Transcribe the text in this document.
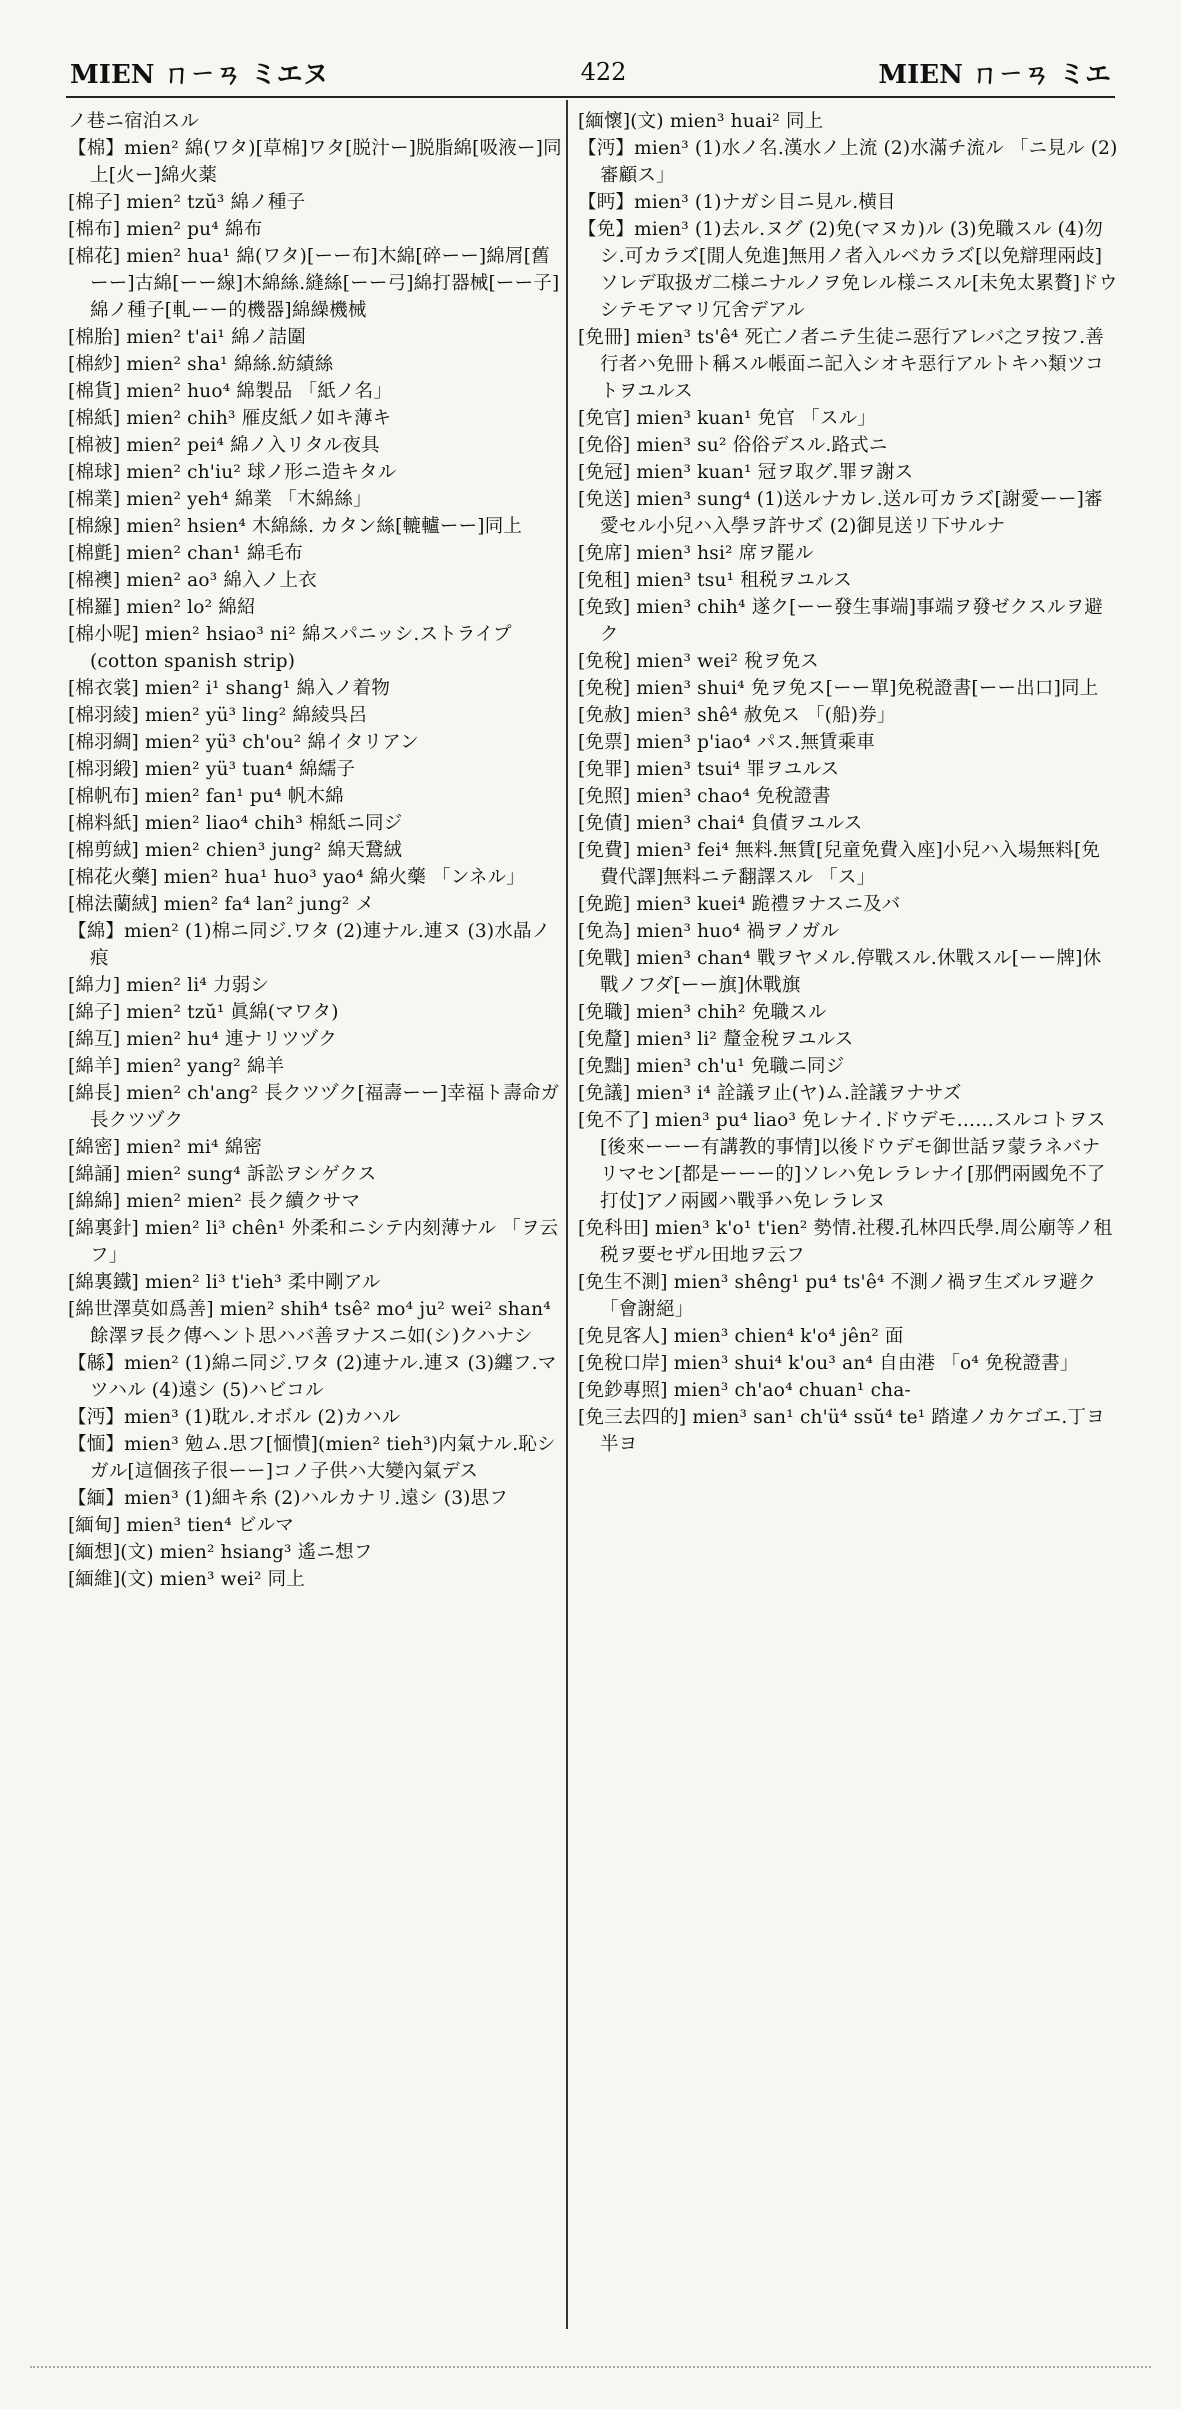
MIEN ㄇㄧㄢ ミエヌ	422	MIEN ㄇㄧㄢ ミエ

ノ巷ニ宿泊スル

【棉】mien² 綿(ワタ)[草棉]ワタ[脱汁ー]脱脂綿[吸液ー]同上[火ー]綿火薬

[棉子] mien² tzŭ³ 綿ノ種子

[棉布] mien² pu⁴ 綿布

[棉花] mien² hua¹ 綿(ワタ)[ーー布]木綿[碎ーー]綿屑[舊ーー]古綿[ーー線]木綿絲.縫絲[ーー弓]綿打器械[ーー子]綿ノ種子[軋ーー的機器]綿繰機械

[棉胎] mien² t'ai¹ 綿ノ詰圍

[棉紗] mien² sha¹ 綿絲.紡績絲

[棉貨] mien² huo⁴ 綿製品 「紙ノ名」

[棉紙] mien² chih³ 雁皮紙ノ如キ薄キ

[棉被] mien² pei⁴ 綿ノ入リタル夜具

[棉球] mien² ch'iu² 球ノ形ニ造キタル

[棉業] mien² yeh⁴ 綿業 「木綿絲」

[棉線] mien² hsien⁴ 木綿絲. カタン絲[轆轤ーー]同上

[棉氈] mien² chan¹ 綿毛布

[棉襖] mien² ao³ 綿入ノ上衣

[棉羅] mien² lo² 綿紹

[棉小呢] mien² hsiao³ ni² 綿スパニッシ.ストライプ(cotton spanish strip)

[棉衣裳] mien² i¹ shang¹ 綿入ノ着物

[棉羽綾] mien² yü³ ling² 綿綾呉呂

[棉羽綢] mien² yü³ ch'ou² 綿イタリアン

[棉羽緞] mien² yü³ tuan⁴ 綿繻子

[棉帆布] mien² fan¹ pu⁴ 帆木綿

[棉料紙] mien² liao⁴ chih³ 棉紙ニ同ジ

[棉剪絨] mien² chien³ jung² 綿天鵞絨

[棉花火藥] mien² hua¹ huo³ yao⁴ 綿火藥 「ンネル」

[棉法蘭絨] mien² fa⁴ lan² jung² メ

【綿】mien² (1)棉ニ同ジ.ワタ (2)連ナル.連ヌ (3)水晶ノ痕

[綿力] mien² li⁴ 力弱シ

[綿子] mien² tzŭ¹ 眞綿(マワタ)

[綿互] mien² hu⁴ 連ナリツヅク

[綿羊] mien² yang² 綿羊

[綿長] mien² ch'ang² 長クツヅク[福壽ーー]幸福ト壽命ガ長クツヅク

[綿密] mien² mi⁴ 綿密

[綿誦] mien² sung⁴ 訴訟ヲシゲクス

[綿綿] mien² mien² 長ク續クサマ

[綿裏針] mien² li³ chên¹ 外柔和ニシテ内刻薄ナル 「ヲ云フ」

[綿裏鐵] mien² li³ t'ieh³ 柔中剛アル

[綿世澤莫如爲善] mien² shih⁴ tsê² mo⁴ ju² wei² shan⁴ 餘澤ヲ長ク傳ヘント思ハバ善ヲナスニ如(シ)クハナシ

【緜】mien² (1)綿ニ同ジ.ワタ (2)連ナル.連ヌ (3)纏フ.マツハル (4)遠シ (5)ハビコル

【沔】mien³ (1)耽ル.オボル (2)カハル

【愐】mien³ 勉ム.思フ[愐憒](mien² tieh³)内氣ナル.恥シガル[這個孩子很ーー]コノ子供ハ大變內氣デス

【緬】mien³ (1)細キ糸 (2)ハルカナリ.遠シ (3)思フ

[緬甸] mien³ tien⁴ ビルマ

[緬想](文) mien² hsiang³ 遙ニ想フ

[緬維](文) mien³ wei² 同上

[緬懷](文) mien³ huai² 同上

【沔】mien³ (1)水ノ名.漢水ノ上流 (2)水滿チ流ル 「ニ見ル (2)審顧ス」

【眄】mien³ (1)ナガシ目ニ見ル.横目

【免】mien³ (1)去ル.ヌグ (2)免(マヌカ)ル (3)免職スル (4)勿シ.可カラズ[閒人免進]無用ノ者入ルベカラズ[以免辯理兩歧]ソレデ取扱ガ二様ニナルノヲ免レル様ニスル[未免太累贅]ドウシテモアマリ冗舍デアル

[免冊] mien³ ts'ê⁴ 死亡ノ者ニテ生徒ニ惡行アレバ之ヲ按フ.善行者ハ免冊ト稱スル帳面ニ記入シオキ惡行アルトキハ類ツコトヲユルス

[免官] mien³ kuan¹ 免官 「スル」

[免俗] mien³ su² 俗俗デスル.路式ニ

[免冠] mien³ kuan¹ 冠ヲ取グ.罪ヲ謝ス

[免送] mien³ sung⁴ (1)送ルナカレ.送ル可カラズ[謝愛ーー]審愛セル小兒ハ入學ヲ許サズ (2)御見送リ下サルナ

[免席] mien³ hsi² 席ヲ罷ル

[免租] mien³ tsu¹ 租税ヲユルス

[免致] mien³ chih⁴ 遂ク[ーー發生事端]事端ヲ發ゼクスルヲ避ク

[免稅] mien³ wei² 稅ヲ免ス

[免稅] mien³ shui⁴ 免ヲ免ス[ーー單]免税證書[ーー出口]同上

[免赦] mien³ shê⁴ 赦免ス 「(船)券」

[免票] mien³ p'iao⁴ パス.無賃乘車

[免罪] mien³ tsui⁴ 罪ヲユルス

[免照] mien³ chao⁴ 免稅證書

[免債] mien³ chai⁴ 負債ヲユルス

[免費] mien³ fei⁴ 無料.無賃[兒童免費入座]小兒ハ入場無料[免費代譯]無料ニテ翻譯スル 「ス」

[免跪] mien³ kuei⁴ 跪禮ヲナスニ及バ

[免為] mien³ huo⁴ 禍ヲノガル

[免戰] mien³ chan⁴ 戰ヲヤメル.停戰スル.休戰スル[ーー牌]休戰ノフダ[ーー旗]休戰旗

[免職] mien³ chih² 免職スル

[免釐] mien³ li² 釐金稅ヲユルス

[免黜] mien³ ch'u¹ 免職ニ同ジ

[免議] mien³ i⁴ 詮議ヲ止(ヤ)ム.詮議ヲナサズ

[免不了] mien³ pu⁴ liao³ 免レナイ.ドウデモ……スルコトヲス[後來ーーー有講教的事情]以後ドウデモ御世話ヲ蒙ラネバナリマセン[都是ーーー的]ソレハ免レラレナイ[那們兩國免不了打仗]アノ兩國ハ戰爭ハ免レラレヌ

[免科田] mien³ k'o¹ t'ien² 勢情.社稷.孔林四氏學.周公廟等ノ租税ヲ要セザル田地ヲ云フ

[免生不測] mien³ shêng¹ pu⁴ ts'ê⁴ 不測ノ禍ヲ生ズルヲ避ク 「會謝絕」

[免見客人] mien³ chien⁴ k'o⁴ jên² 面

[免稅口岸] mien³ shui⁴ k'ou³ an⁴ 自由港 「o⁴ 免稅證書」

[免鈔專照] mien³ ch'ao⁴ chuan¹ cha-

[免三去四的] mien³ san¹ ch'ü⁴ ssŭ⁴ te¹ 踏違ノカケゴエ.丁ヨ半ヨ
